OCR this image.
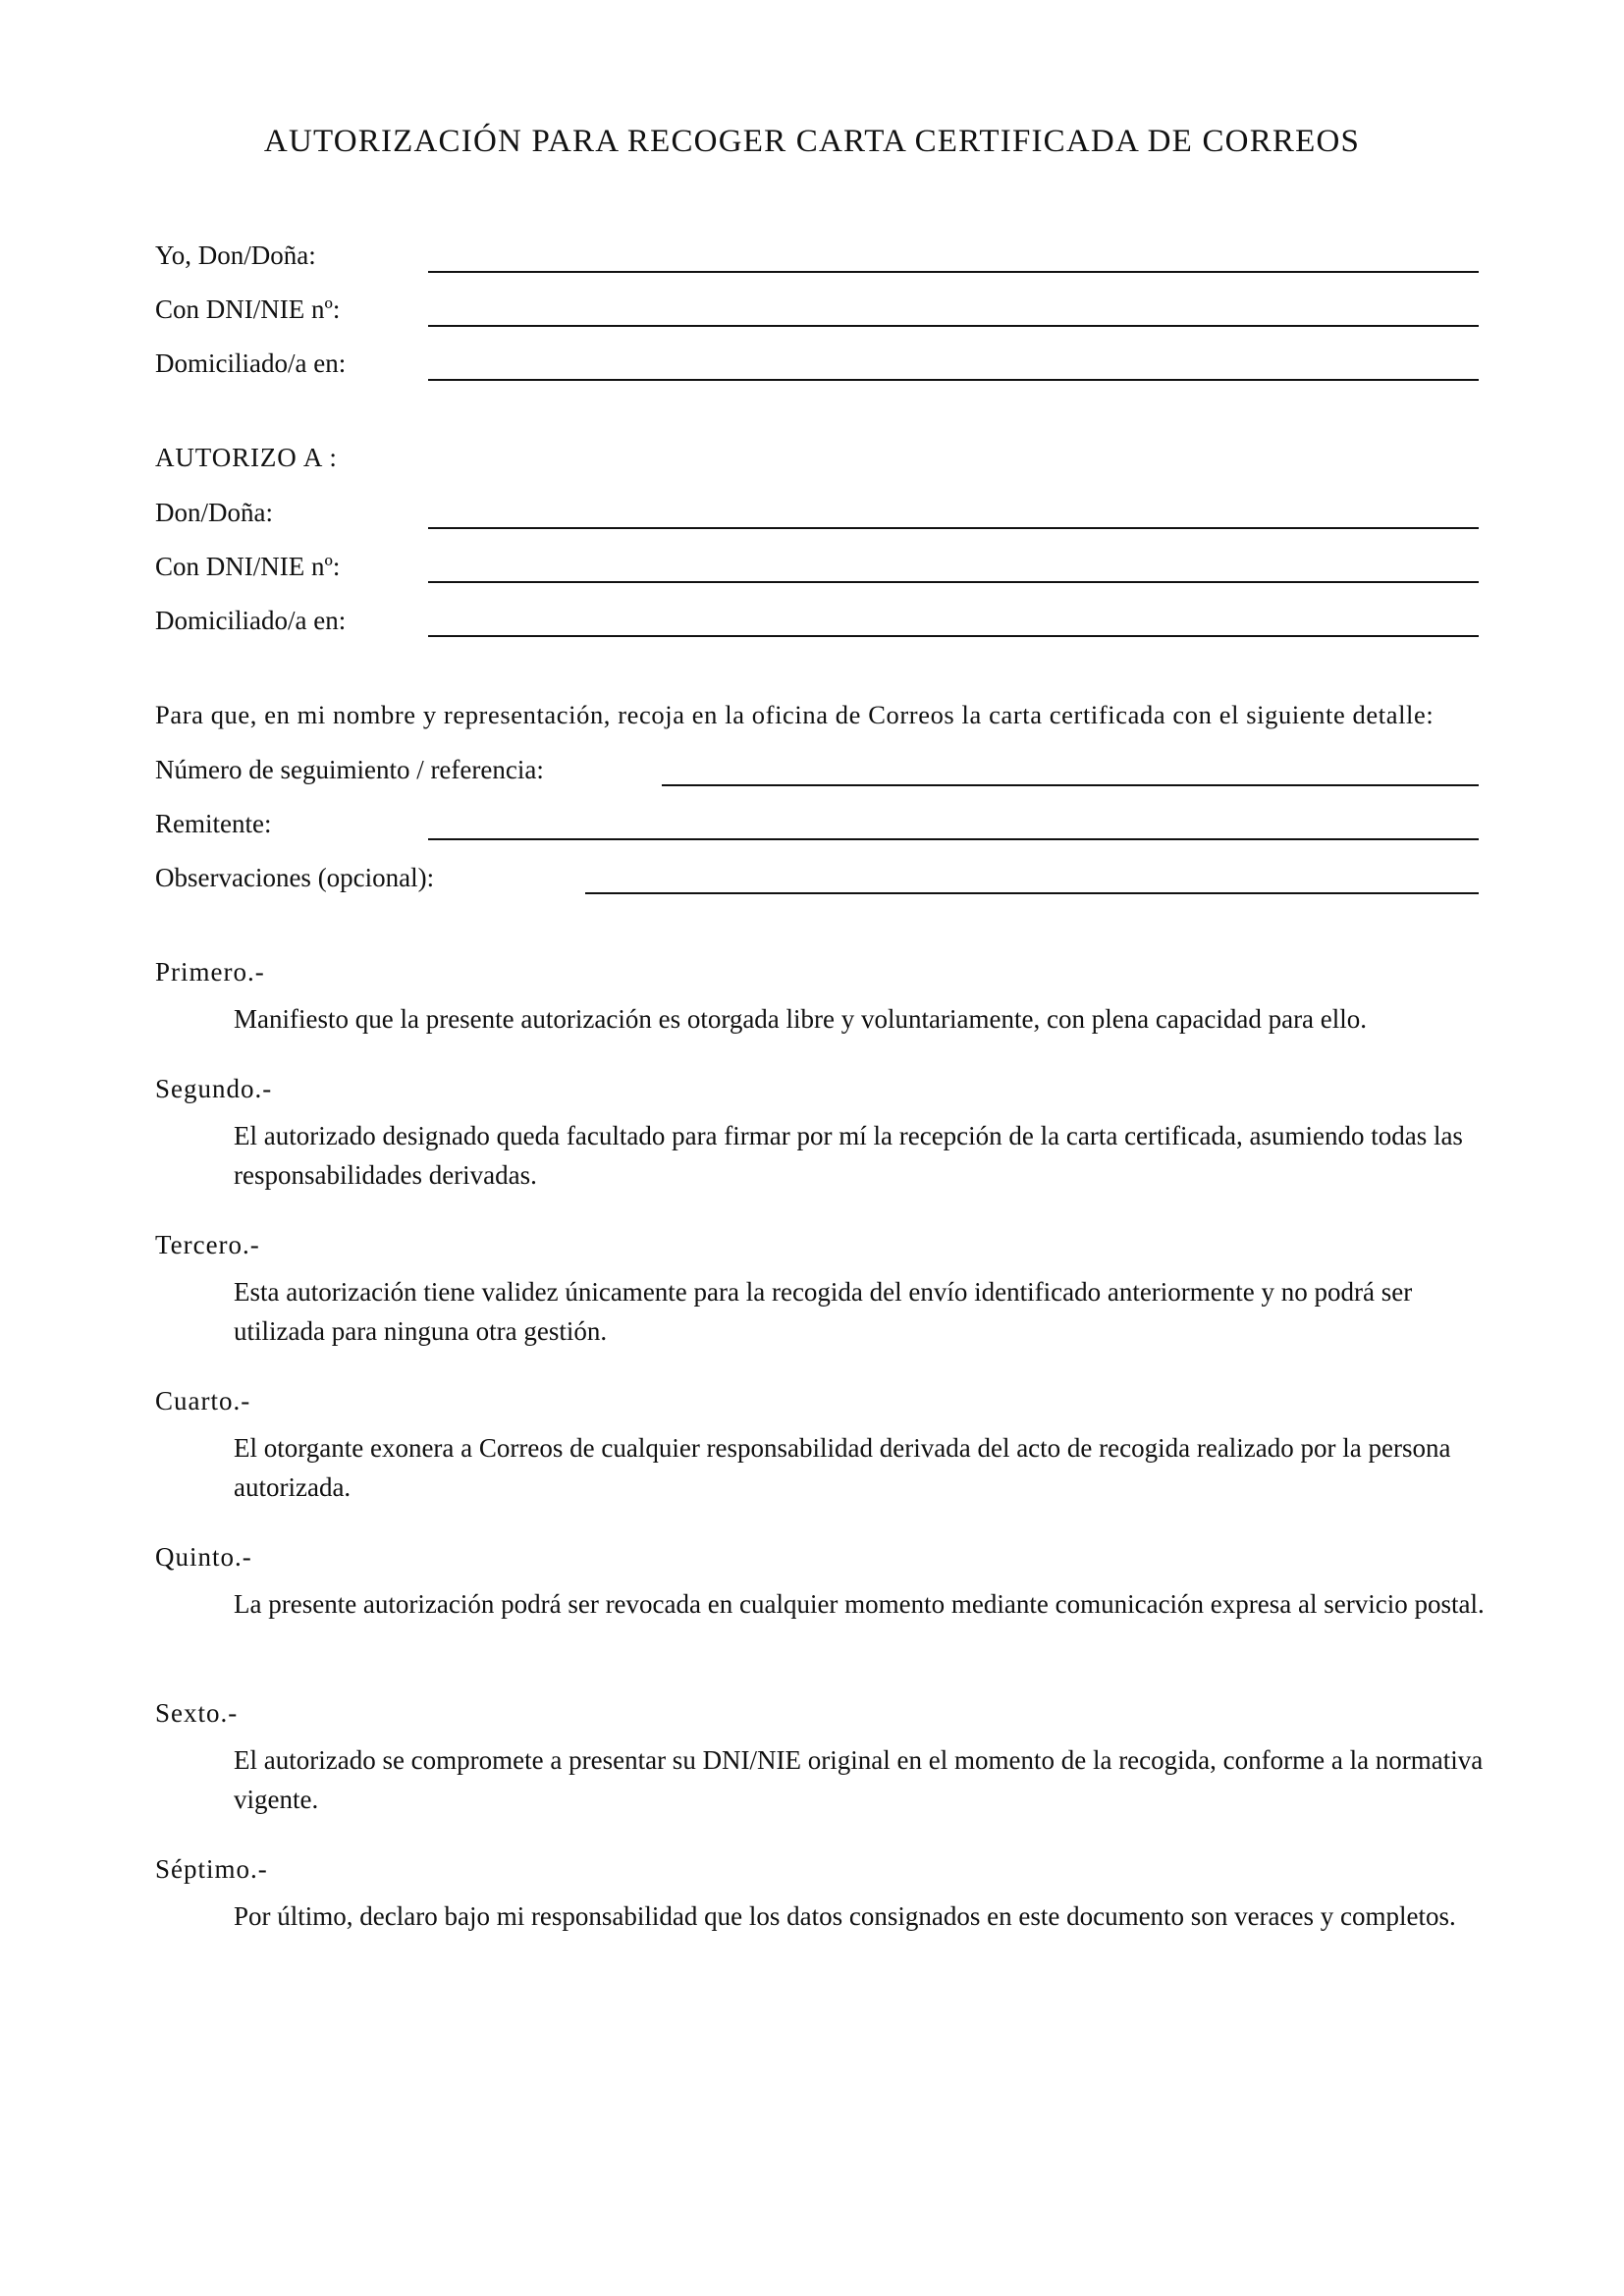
AUTORIZACIÓN PARA RECOGER CARTA CERTIFICADA DE CORREOS
Yo, Don/Doña:
Con DNI/NIE nº:
Domiciliado/a en:
AUTORIZO A :
Don/Doña:
Con DNI/NIE nº:
Domiciliado/a en:
Para que, en mi nombre y representación, recoja en la oficina de Correos la carta certificada con el siguiente detalle:
Número de seguimiento / referencia:
Remitente:
Observaciones (opcional):
Primero.-
Manifiesto que la presente autorización es otorgada libre y voluntariamente, con plena capacidad para ello.
Segundo.-
El autorizado designado queda facultado para firmar por mí la recepción de la carta certificada, asumiendo todas las responsabilidades derivadas.
Tercero.-
Esta autorización tiene validez únicamente para la recogida del envío identificado anteriormente y no podrá ser utilizada para ninguna otra gestión.
Cuarto.-
El otorgante exonera a Correos de cualquier responsabilidad derivada del acto de recogida realizado por la persona autorizada.
Quinto.-
La presente autorización podrá ser revocada en cualquier momento mediante comunicación expresa al servicio postal.
Sexto.-
El autorizado se compromete a presentar su DNI/NIE original en el momento de la recogida, conforme a la normativa vigente.
Séptimo.-
Por último, declaro bajo mi responsabilidad que los datos consignados en este documento son veraces y completos.
